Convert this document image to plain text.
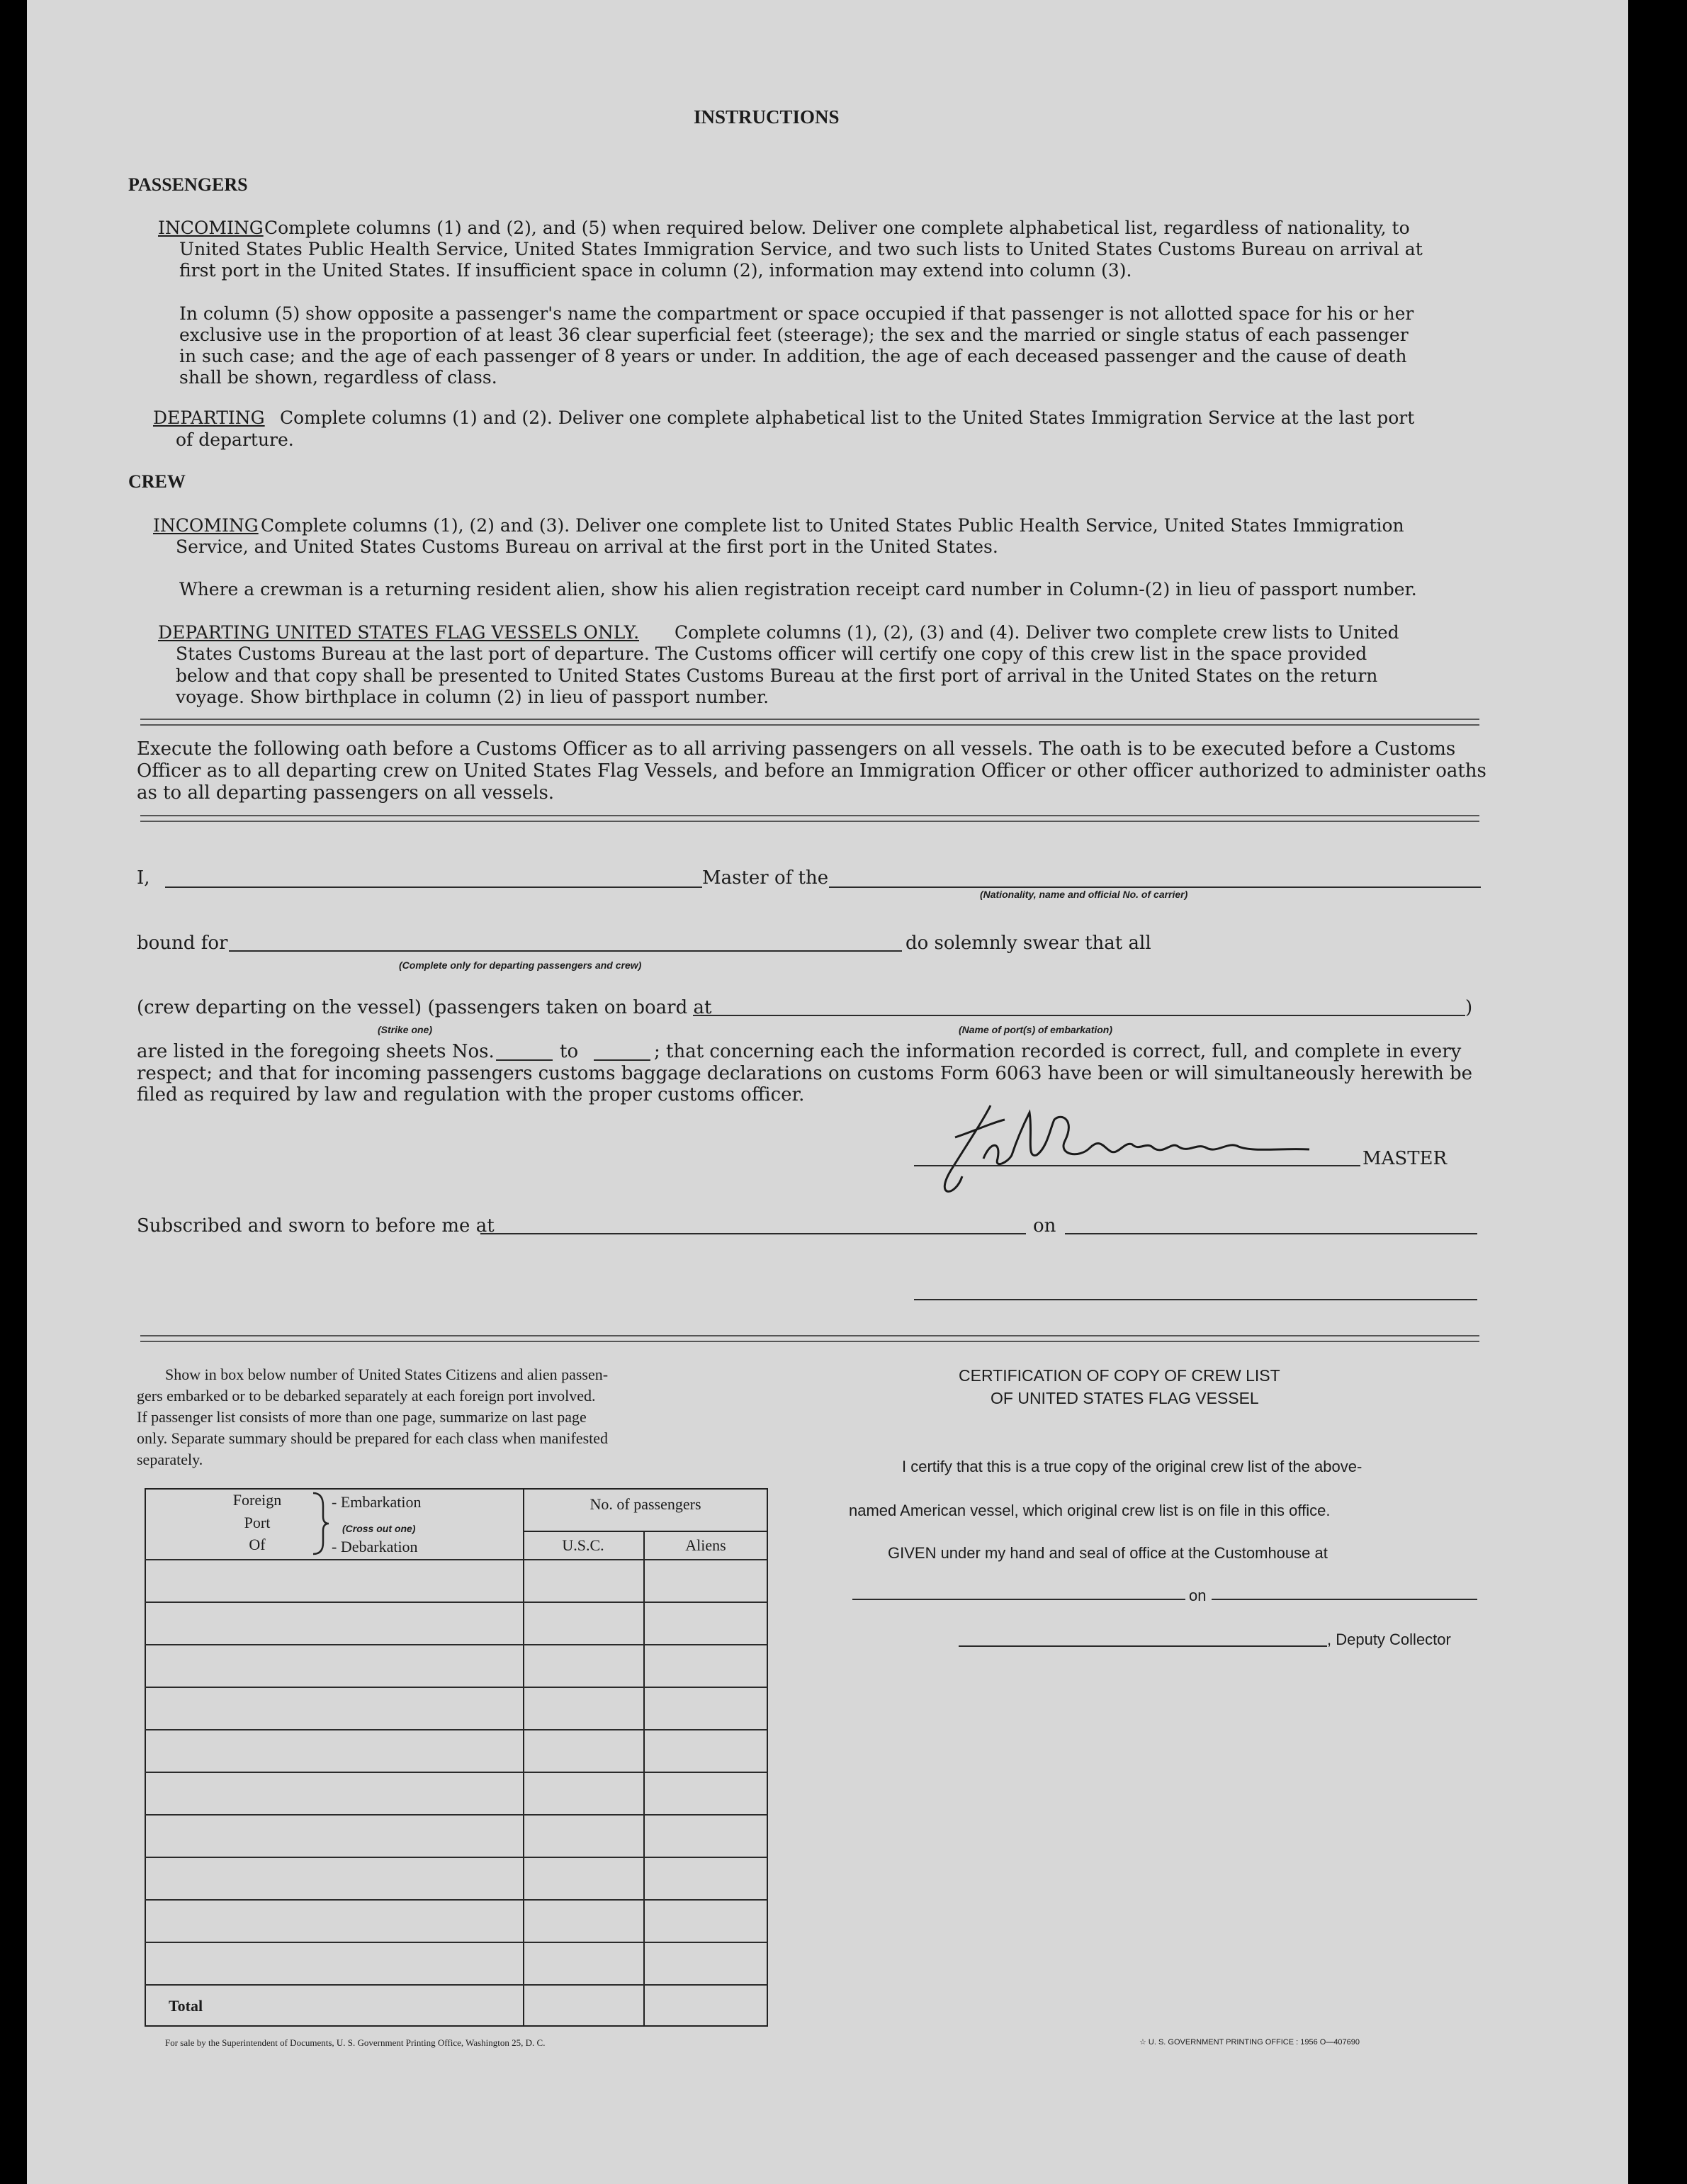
INSTRUCTIONS
PASSENGERS
INCOMING Complete columns (1) and (2), and (5) when required below. Deliver one complete alphabetical list, regardless of nationality, to
United States Public Health Service, United States Immigration Service, and two such lists to United States Customs Bureau on arrival at
first port in the United States. If insufficient space in column (2), information may extend into column (3).
In column (5) show opposite a passenger's name the compartment or space occupied if that passenger is not allotted space for his or her
exclusive use in the proportion of at least 36 clear superficial feet (steerage); the sex and the married or single status of each passenger
in such case; and the age of each passenger of 8 years or under. In addition, the age of each deceased passenger and the cause of death
shall be shown, regardless of class.
DEPARTING Complete columns (1) and (2). Deliver one complete alphabetical list to the United States Immigration Service at the last port
of departure.
CREW
INCOMING Complete columns (1), (2) and (3). Deliver one complete list to United States Public Health Service, United States Immigration
Service, and United States Customs Bureau on arrival at the first port in the United States.
Where a crewman is a returning resident alien, show his alien registration receipt card number in Column-(2) in lieu of passport number.
DEPARTING UNITED STATES FLAG VESSELS ONLY. Complete columns (1), (2), (3) and (4). Deliver two complete crew lists to United
States Customs Bureau at the last port of departure. The Customs officer will certify one copy of this crew list in the space provided
below and that copy shall be presented to United States Customs Bureau at the first port of arrival in the United States on the return
voyage. Show birthplace in column (2) in lieu of passport number.
Execute the following oath before a Customs Officer as to all arriving passengers on all vessels. The oath is to be executed before a Customs
Officer as to all departing crew on United States Flag Vessels, and before an Immigration Officer or other officer authorized to administer oaths
as to all departing passengers on all vessels.
I,	Master of the
(Nationality, name and official No. of carrier)
bound for
(Complete only for departing passengers and crew)
do solemnly swear that all
(crew departing on the vessel) (passengers taken on board at
(Strike one)	(Name of port(s) of embarkation)
)
are listed in the foregoing sheets Nos.	to	; that concerning each the information recorded is correct, full, and complete in every
respect; and that for incoming passengers customs baggage declarations on customs Form 6063 have been or will simultaneously herewith be
filed as required by law and regulation with the proper customs officer.
MASTER
Subscribed and sworn to before me at	on
Show in box below number of United States Citizens and alien passen-
gers embarked or to be debarked separately at each foreign port involved.
If passenger list consists of more than one page, summarize on last page
only. Separate summary should be prepared for each class when manifested
separately.
Foreign
Port
Of
- Embarkation
(Cross out one)
- Debarkation
No. of passengers
U.S.C.	Aliens
Total
CERTIFICATION OF COPY OF CREW LIST
OF UNITED STATES FLAG VESSEL
I certify that this is a true copy of the original crew list of the above-
named American vessel, which original crew list is on file in this office.
GIVEN under my hand and seal of office at the Customhouse at
on
, Deputy Collector
For sale by the Superintendent of Documents, U. S. Government Printing Office, Washington 25, D. C.	☆ U. S. GOVERNMENT PRINTING OFFICE : 1956 O—407690
